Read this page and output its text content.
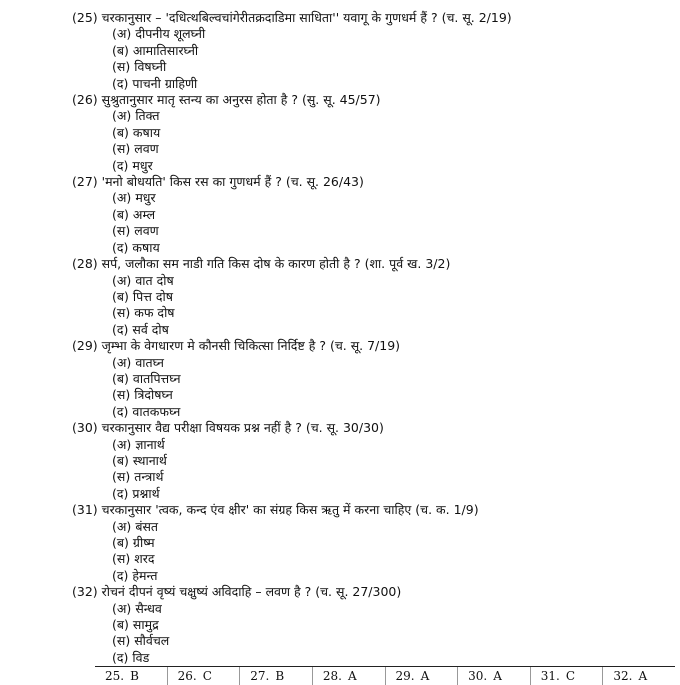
(25) चरकानुसार – 'दधित्थबिल्वचांगेरीतक्रदाडिमा साधिता'' यवागू के गुणधर्म हैं ? (च. सू. 2/19)
(अ) दीपनीय शूलघ्नी
(ब) आमातिसारघ्नी
(स) विषघ्नी
(द) पाचनी ग्राहिणी
(26) सुश्रुतानुसार मातृ स्तन्य का अनुरस होता है ? (सु. सू. 45/57)
(अ) तिक्त
(ब) कषाय
(स) लवण
(द) मधुर
(27) 'मनो बोधयति' किस रस का गुणधर्म हैं ? (च. सू. 26/43)
(अ) मधुर
(ब) अम्ल
(स) लवण
(द) कषाय
(28) सर्प, जलौका सम नाडी गति किस दोष के कारण होती है ? (शा. पूर्व ख. 3/2)
(अ) वात दोष
(ब) पित्त दोष
(स) कफ दोष
(द) सर्व दोष
(29) जृम्भा के वेगधारण मे कौनसी चिकित्सा निर्दिष्ट है ? (च. सू. 7/19)
(अ) वातघ्न
(ब) वातपित्तघ्न
(स) त्रिदोषघ्न
(द) वातकफघ्न
(30) चरकानुसार वैद्य परीक्षा विषयक प्रश्न नहीं है ? (च. सू. 30/30)
(अ) ज्ञानार्थ
(ब) स्थानार्थ
(स) तन्त्रार्थ
(द) प्रश्नार्थ
(31) चरकानुसार 'त्वक, कन्द एंव क्षीर' का संग्रह किस ऋतु में करना चाहिए (च. क. 1/9)
(अ) बंसत
(ब) ग्रीष्म
(स) शरद
(द) हेमन्त
(32) रोचनं दीपनं वृष्यं चक्षुष्यं अविदाहि – लवण है ? (च. सू. 27/300)
(अ) सैन्धव
(ब) सामुद्र
(स) सौर्वचल
(द) विड
25. B	26. C	27. B	28. A	29. A	30. A	31. C	32. A
